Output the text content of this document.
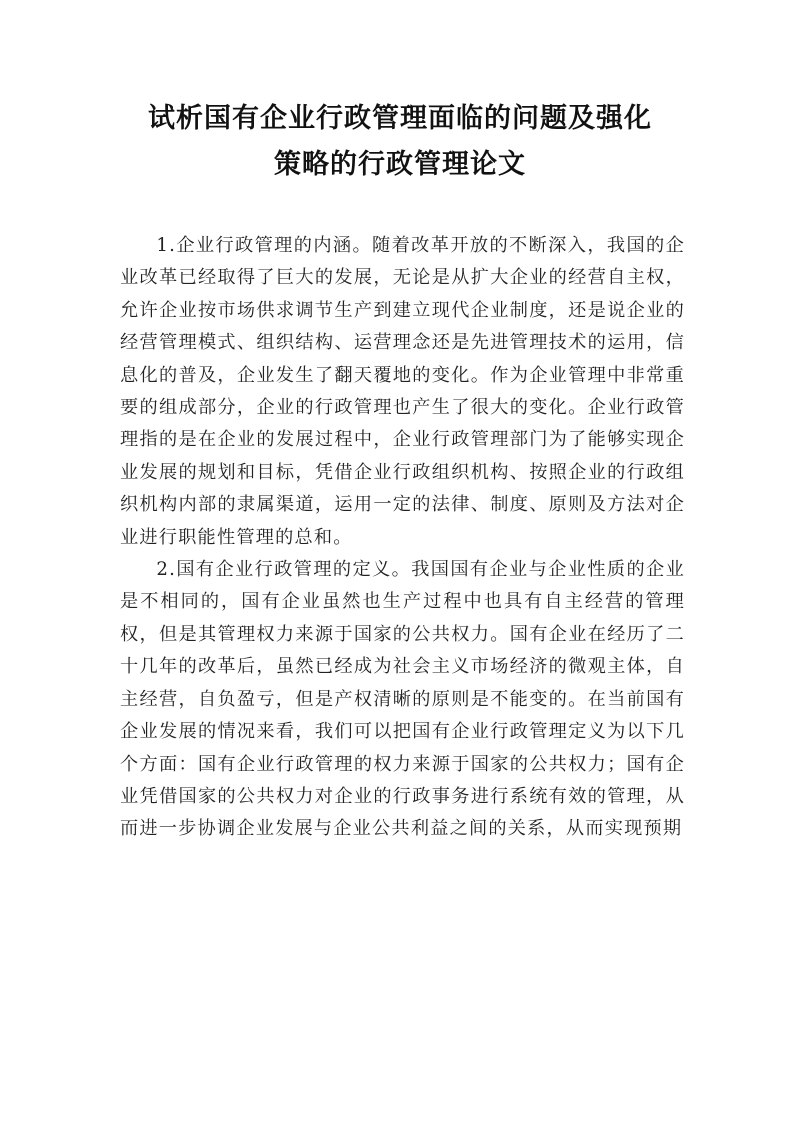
试析国有企业行政管理面临的问题及强化
策略的行政管理论文

1.企业行政管理的内涵。随着改革开放的不断深入，我国的企业改革已经取得了巨大的发展，无论是从扩大企业的经营自主权，允许企业按市场供求调节生产到建立现代企业制度，还是说企业的经营管理模式、组织结构、运营理念还是先进管理技术的运用，信息化的普及，企业发生了翻天覆地的变化。作为企业管理中非常重要的组成部分，企业的行政管理也产生了很大的变化。企业行政管理指的是在企业的发展过程中，企业行政管理部门为了能够实现企业发展的规划和目标，凭借企业行政组织机构、按照企业的行政组织机构内部的隶属渠道，运用一定的法律、制度、原则及方法对企业进行职能性管理的总和。

2.国有企业行政管理的定义。我国国有企业与企业性质的企业是不相同的，国有企业虽然也生产过程中也具有自主经营的管理权，但是其管理权力来源于国家的公共权力。国有企业在经历了二十几年的改革后，虽然已经成为社会主义市场经济的微观主体，自主经营，自负盈亏，但是产权清晰的原则是不能变的。在当前国有企业发展的情况来看，我们可以把国有企业行政管理定义为以下几个方面：国有企业行政管理的权力来源于国家的公共权力；国有企业凭借国家的公共权力对企业的行政事务进行系统有效的管理，从而进一步协调企业发展与企业公共利益之间的关系，从而实现预期
